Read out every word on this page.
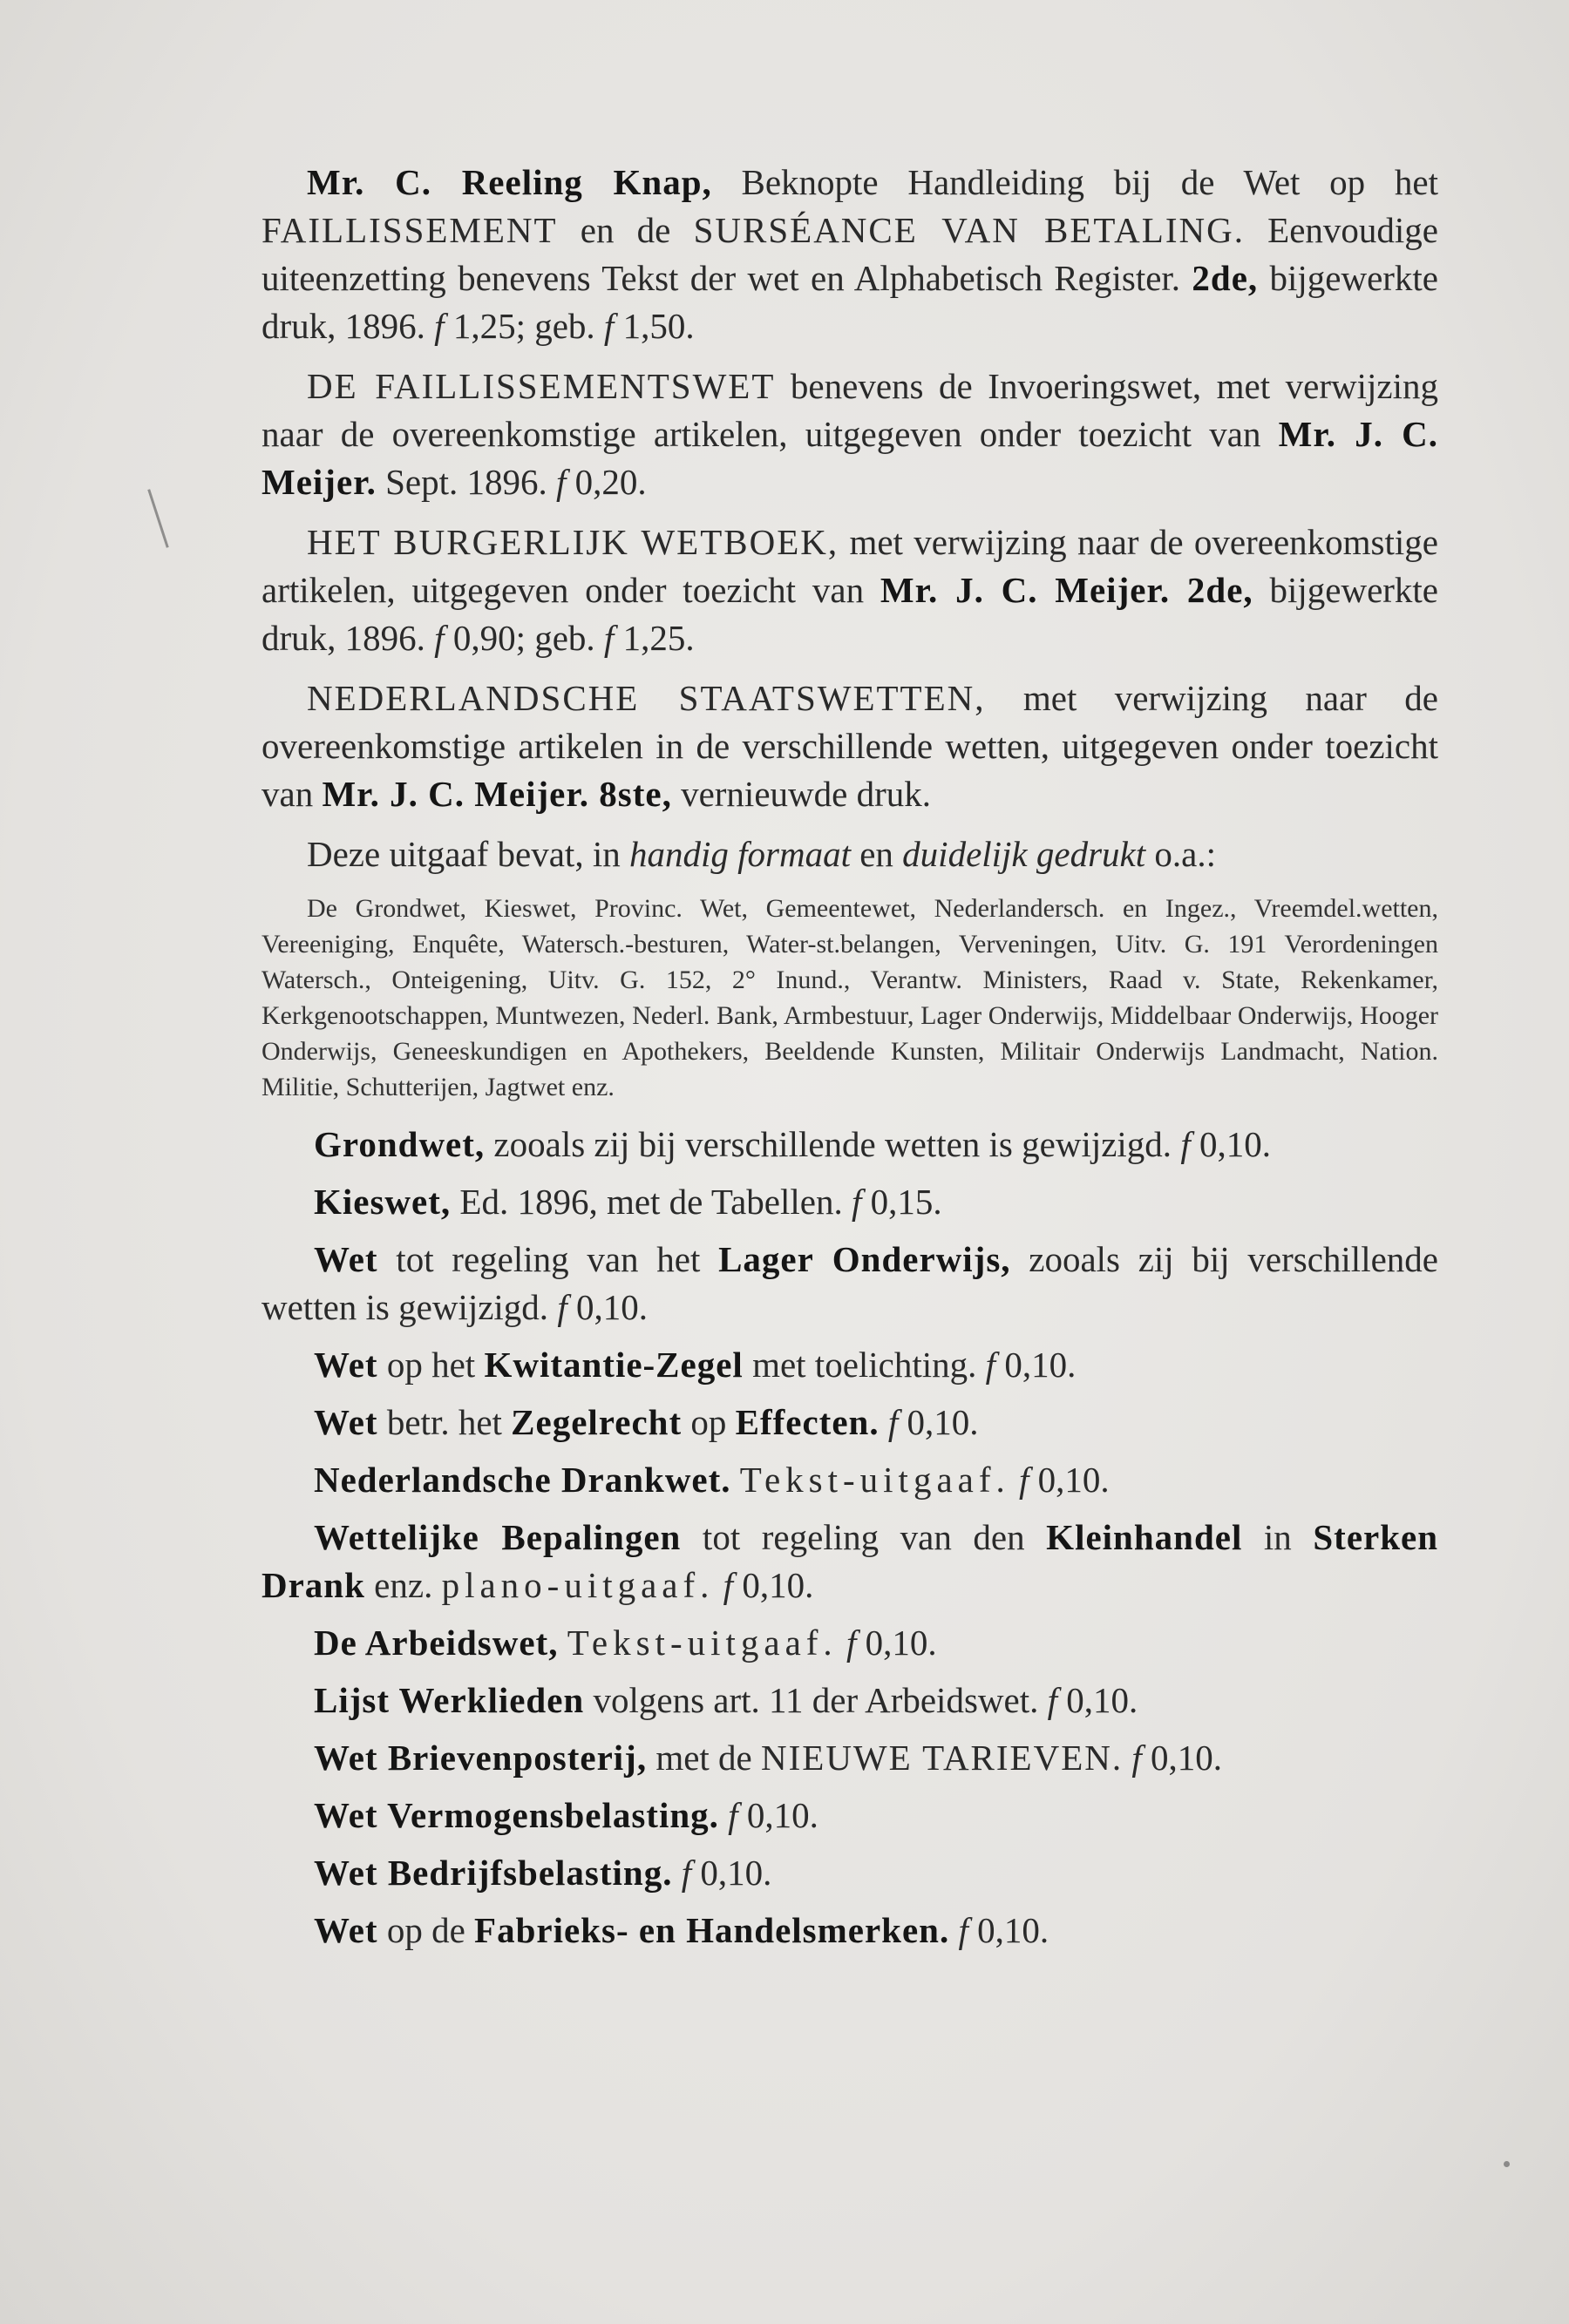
Mr. C. Reeling Knap, Beknopte Handleiding bij de Wet op het FAILLISSEMENT en de SURSÉANCE VAN BETALING. Eenvoudige uiteenzetting benevens Tekst der wet en Alphabetisch Register. 2de, bijgewerkte druk, 1896. f 1,25; geb. f 1,50.

DE FAILLISSEMENTSWET benevens de Invoeringswet, met verwijzing naar de overeenkomstige artikelen, uitgegeven onder toezicht van Mr. J. C. Meijer. Sept. 1896. f 0,20.

HET BURGERLIJK WETBOEK, met verwijzing naar de overeenkomstige artikelen, uitgegeven onder toezicht van Mr. J. C. Meijer. 2de, bijgewerkte druk, 1896. f 0,90; geb. f 1,25.

NEDERLANDSCHE STAATSWETTEN, met verwijzing naar de overeenkomstige artikelen in de verschillende wetten, uitgegeven onder toezicht van Mr. J. C. Meijer. 8ste, vernieuwde druk.

Deze uitgaaf bevat, in handig formaat en duidelijk gedrukt o.a.:

De Grondwet, Kieswet, Provinc. Wet, Gemeentewet, Nederlandersch. en Ingez., Vreemdel.wetten, Vereeniging, Enquête, Watersch.-besturen, Water-st.belangen, Verveningen, Uitv. G. 191 Verordeningen Watersch., Onteigening, Uitv. G. 152, 2° Inund., Verantw. Ministers, Raad v. State, Rekenkamer, Kerkgenootschappen, Muntwezen, Nederl. Bank, Armbestuur, Lager Onderwijs, Middelbaar Onderwijs, Hooger Onderwijs, Geneeskundigen en Apothekers, Beeldende Kunsten, Militair Onderwijs Landmacht, Nation. Militie, Schutterijen, Jagtwet enz.

Grondwet, zooals zij bij verschillende wetten is gewijzigd. f 0,10.

Kieswet, Ed. 1896, met de Tabellen. f 0,15.

Wet tot regeling van het Lager Onderwijs, zooals zij bij verschillende wetten is gewijzigd. f 0,10.

Wet op het Kwitantie-Zegel met toelichting. f 0,10.

Wet betr. het Zegelrecht op Effecten. f 0,10.

Nederlandsche Drankwet. Tekst-uitgaaf. f 0,10.

Wettelijke Bepalingen tot regeling van den Kleinhandel in Sterken Drank enz. plano-uitgaaf. f 0,10.

De Arbeidswet, Tekst-uitgaaf. f 0,10.

Lijst Werklieden volgens art. 11 der Arbeidswet. f 0,10.

Wet Brievenposterij, met de NIEUWE TARIEVEN. f 0,10.

Wet Vermogensbelasting. f 0,10.

Wet Bedrijfsbelasting. f 0,10.

Wet op de Fabrieks- en Handelsmerken. f 0,10.
